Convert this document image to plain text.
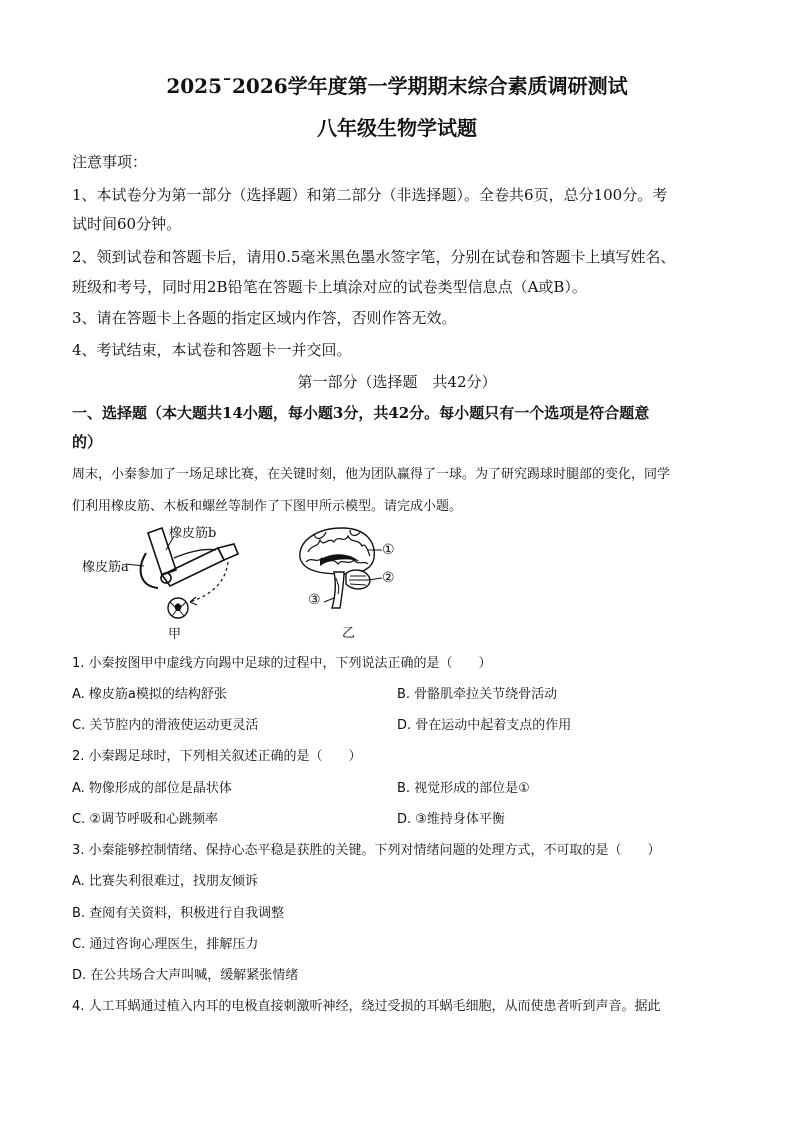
2025¯2026学年度第一学期期末综合素质调研测试
八年级生物学试题
注意事项：
1、本试卷分为第一部分（选择题）和第二部分（非选择题）。全卷共6页，总分100分。考
试时间60分钟。
2、领到试卷和答题卡后，请用0.5毫米黑色墨水签字笔，分别在试卷和答题卡上填写姓名、
班级和考号，同时用2B铅笔在答题卡上填涂对应的试卷类型信息点（A或B）。
3、请在答题卡上各题的指定区域内作答，否则作答无效。
4、考试结束，本试卷和答题卡一并交回。
第一部分（选择题　共42分）
一、选择题（本大题共14小题，每小题3分，共42分。每小题只有一个选项是符合题意
的）
周末，小秦参加了一场足球比赛，在关键时刻，他为团队赢得了一球。为了研究踢球时腿部的变化，同学
们利用橡皮筋、木板和螺丝等制作了下图甲所示模型。请完成小题。
橡皮筋b
橡皮筋a
甲
①
②
③
乙
1. 小秦按图甲中虚线方向踢中足球的过程中，下列说法正确的是（　　）
A. 橡皮筋a模拟的结构舒张	B. 骨骼肌牵拉关节绕骨活动
C. 关节腔内的滑液使运动更灵活	D. 骨在运动中起着支点的作用
2. 小秦踢足球时，下列相关叙述正确的是（　　）
A. 物像形成的部位是晶状体	B. 视觉形成的部位是①
C. ②调节呼吸和心跳频率	D. ③维持身体平衡
3. 小秦能够控制情绪、保持心态平稳是获胜的关键。下列对情绪问题的处理方式，不可取的是（　　）
A. 比赛失利很难过，找朋友倾诉
B. 查阅有关资料，积极进行自我调整
C. 通过咨询心理医生，排解压力
D. 在公共场合大声叫喊，缓解紧张情绪
4. 人工耳蜗通过植入内耳的电极直接刺激听神经，绕过受损的耳蜗毛细胞，从而使患者听到声音。据此
